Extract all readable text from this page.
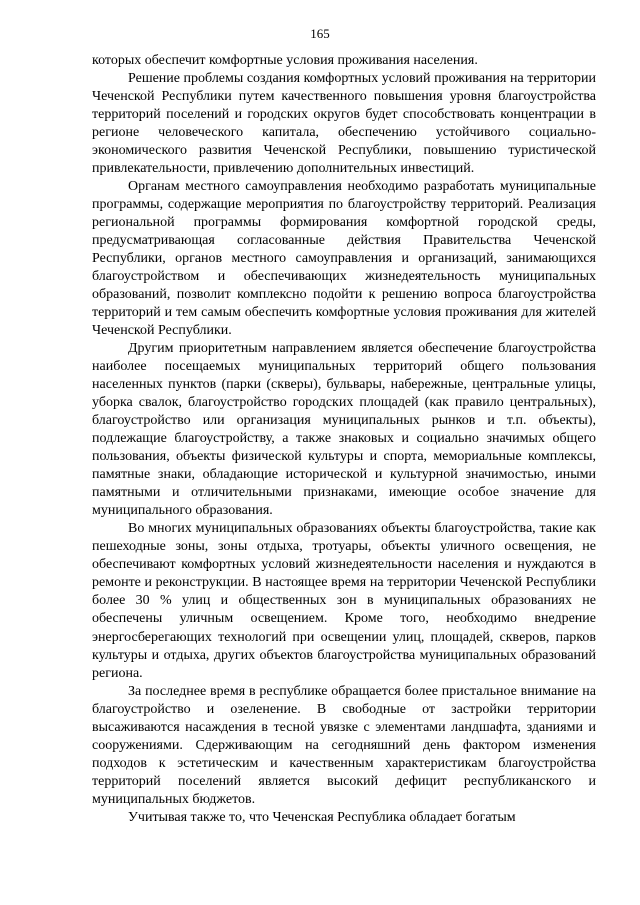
165

которых обеспечит комфортные условия проживания населения.

Решение проблемы создания комфортных условий проживания на территории Чеченской Республики путем качественного повышения уровня благоустройства территорий поселений и городских округов будет способствовать концентрации в регионе человеческого капитала, обеспечению устойчивого социально-экономического развития Чеченской Республики, повышению туристической привлекательности, привлечению дополнительных инвестиций.

Органам местного самоуправления необходимо разработать муниципальные программы, содержащие мероприятия по благоустройству территорий. Реализация региональной программы формирования комфортной городской среды, предусматривающая согласованные действия Правительства Чеченской Республики, органов местного самоуправления и организаций, занимающихся благоустройством и обеспечивающих жизнедеятельность муниципальных образований, позволит комплексно подойти к решению вопроса благоустройства территорий и тем самым обеспечить комфортные условия проживания для жителей Чеченской Республики.

Другим приоритетным направлением является обеспечение благоустройства наиболее посещаемых муниципальных территорий общего пользования населенных пунктов (парки (скверы), бульвары, набережные, центральные улицы, уборка свалок, благоустройство городских площадей (как правило центральных), благоустройство или организация муниципальных рынков и т.п. объекты), подлежащие благоустройству, а также знаковых и социально значимых общего пользования, объекты физической культуры и спорта, мемориальные комплексы, памятные знаки, обладающие исторической и культурной значимостью, иными памятными и отличительными признаками, имеющие особое значение для муниципального образования.

Во многих муниципальных образованиях объекты благоустройства, такие как пешеходные зоны, зоны отдыха, тротуары, объекты уличного освещения, не обеспечивают комфортных условий жизнедеятельности населения и нуждаются в ремонте и реконструкции. В настоящее время на территории Чеченской Республики более 30 % улиц и общественных зон в муниципальных образованиях не обеспечены уличным освещением. Кроме того, необходимо внедрение энергосберегающих технологий при освещении улиц, площадей, скверов, парков культуры и отдыха, других объектов благоустройства муниципальных образований региона.

За последнее время в республике обращается более пристальное внимание на благоустройство и озеленение. В свободные от застройки территории высаживаются насаждения в тесной увязке с элементами ландшафта, зданиями и сооружениями. Сдерживающим на сегодняшний день фактором изменения подходов к эстетическим и качественным характеристикам благоустройства территорий поселений является высокий дефицит республиканского и муниципальных бюджетов.

Учитывая также то, что Чеченская Республика обладает богатым
